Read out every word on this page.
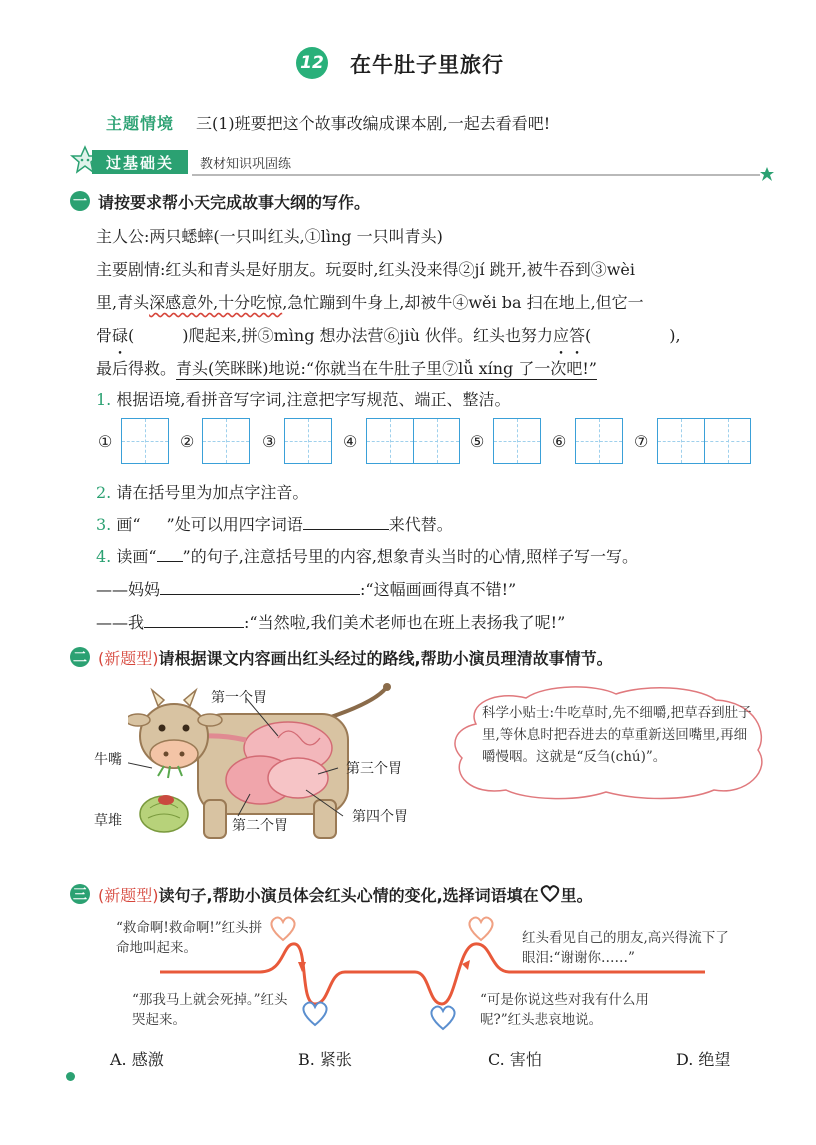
12 在牛肚子里旅行
主题情境 三(1)班要把这个故事改编成课本剧,一起去看看吧!
过基础关	教材知识巩固练
一 请按要求帮小天完成故事大纲的写作。
主人公:两只蟋蟀(一只叫红头,①lìng 一只叫青头)
主要剧情:红头和青头是好朋友。玩耍时,红头没来得②jí 跳开,被牛吞到③wèi
里,青头深感意外,十分吃惊,急忙蹦到牛身上,却被牛④wěi ba 扫在地上,但它一
骨碌(	)爬起来,拼⑤mìng 想办法营⑥jiù 伙伴。红头也努力应答(	),
最后得救。青头(笑眯眯)地说:“你就当在牛肚子里⑦lǚ xíng 了一次吧!”
1. 根据语境,看拼音写字词,注意把字写规范、端正、整洁。
①	②	③	④	⑤	⑥	⑦
2. 请在括号里为加点字注音。
3. 画“ ”处可以用四字词语	来代替。
4. 读画“ ”的句子,注意括号里的内容,想象青头当时的心情,照样子写一写。
——妈妈	:“这幅画画得真不错!”
——我	:“当然啦,我们美术老师也在班上表扬我了呢!”
二 (新题型)请根据课文内容画出红头经过的路线,帮助小演员理清故事情节。
第一个胃
牛嘴
第三个胃
草堆	第二个胃
第四个胃
科学小贴士:牛吃草时,先不细嚼,把草吞到肚子里,等休息时把吞进去的草重新送回嘴里,再细嚼慢咽。这就是“反刍(chú)”。
三 (新题型)读句子,帮助小演员体会红头心情的变化,选择词语填在 里。
“救命啊!救命啊!”红头拼命地叫起来。
“那我马上就会死掉。”红头哭起来。
“可是你说这些对我有什么用呢?”红头悲哀地说。
红头看见自己的朋友,高兴得流下了眼泪:“谢谢你……”
A. 感激	B. 紧张	C. 害怕	D. 绝望
